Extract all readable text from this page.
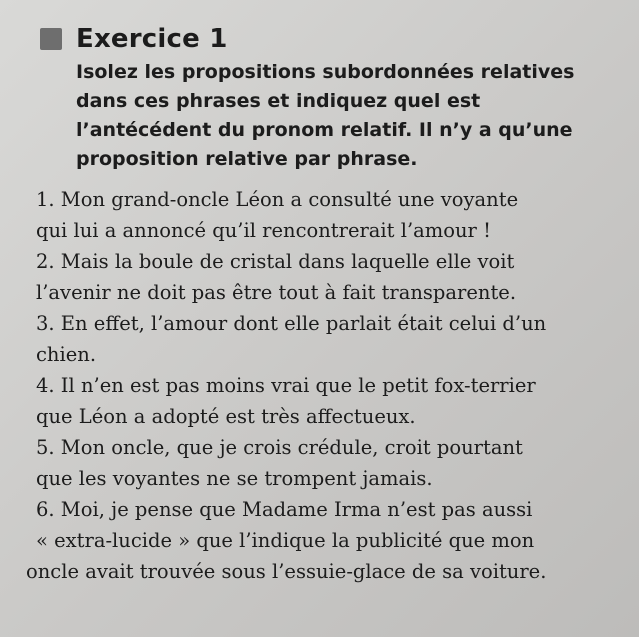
Exercice 1

Isolez les propositions subordonnées relatives
dans ces phrases et indiquez quel est
l’antécédent du pronom relatif. Il n’y a qu’une
proposition relative par phrase.

1. Mon grand-oncle Léon a consulté une voyante
qui lui a annoncé qu’il rencontrerait l’amour !
2. Mais la boule de cristal dans laquelle elle voit
l’avenir ne doit pas être tout à fait transparente.
3. En effet, l’amour dont elle parlait était celui d’un
chien.
4. Il n’en est pas moins vrai que le petit fox-terrier
que Léon a adopté est très affectueux.
5. Mon oncle, que je crois crédule, croit pourtant
que les voyantes ne se trompent jamais.
6. Moi, je pense que Madame Irma n’est pas aussi
« extra-lucide » que l’indique la publicité que mon
oncle avait trouvée sous l’essuie-glace de sa voiture.
